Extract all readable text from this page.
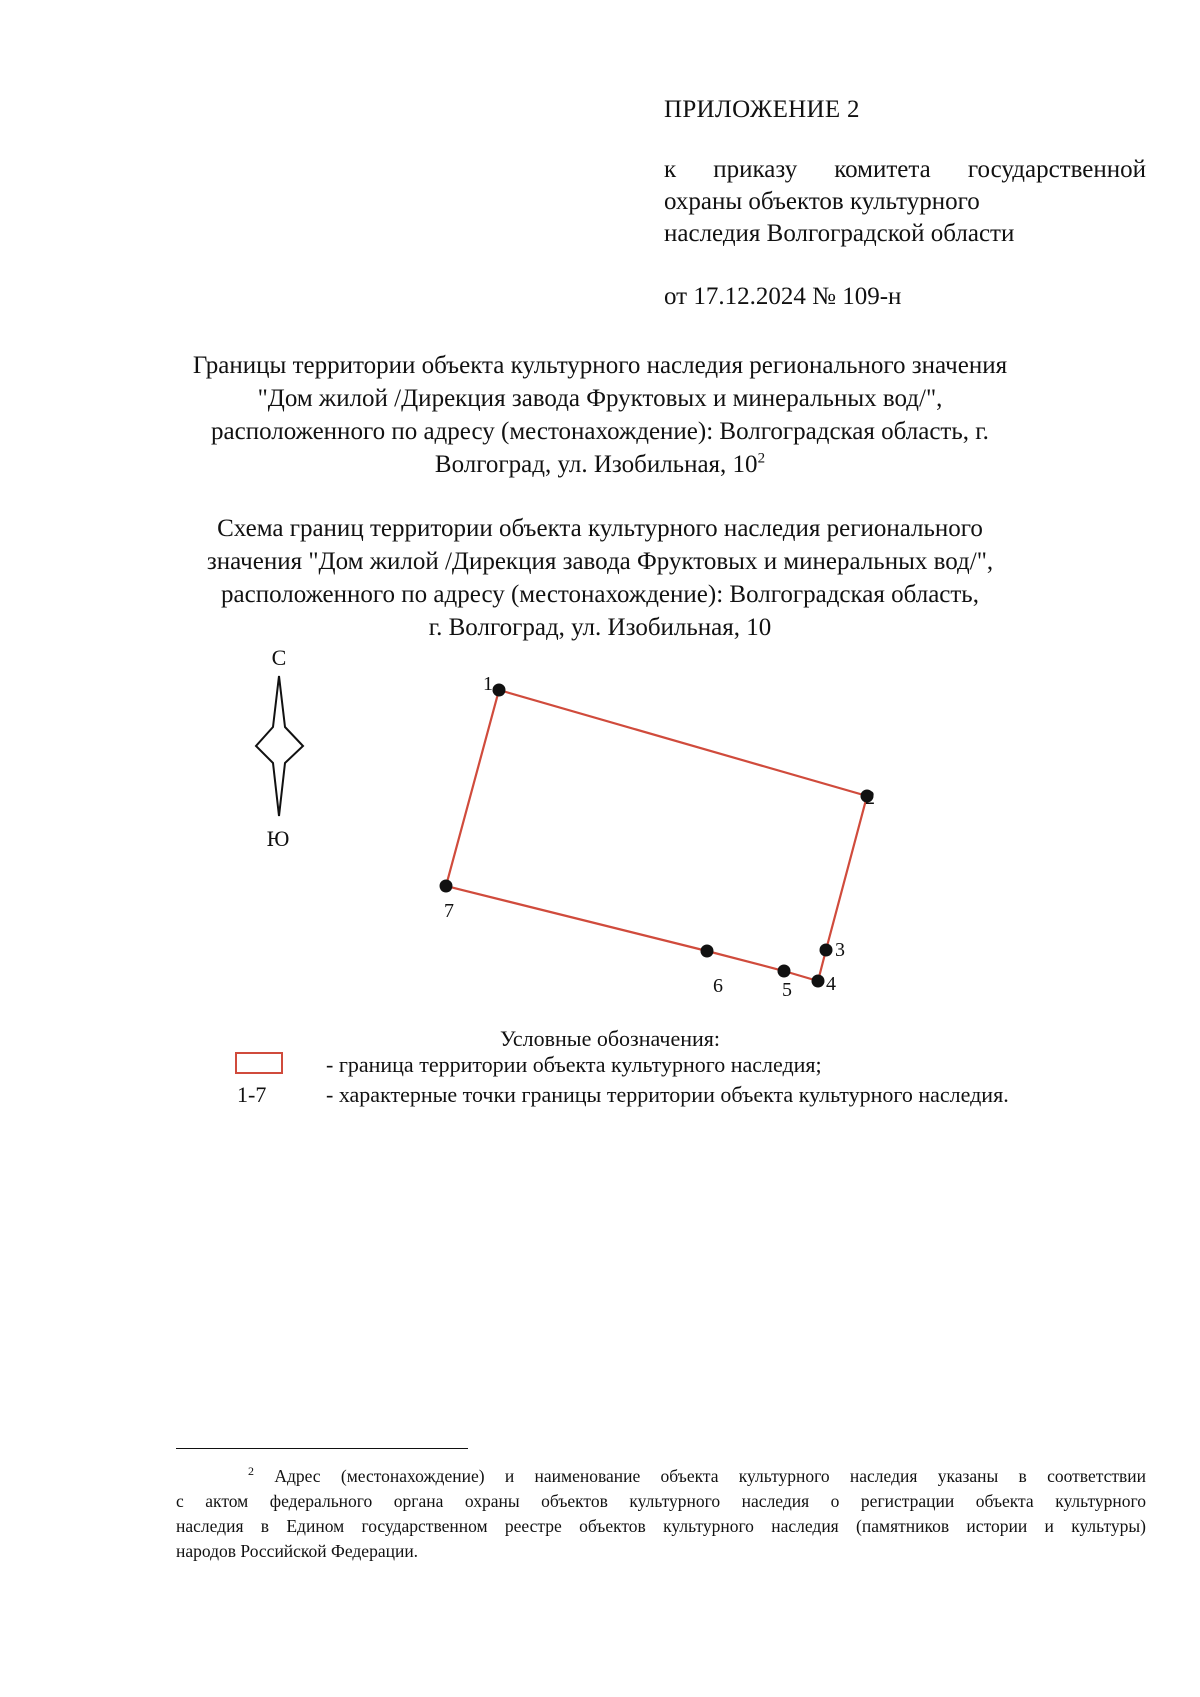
ПРИЛОЖЕНИЕ 2
к приказу комитета государственной
охраны объектов культурного
наследия Волгоградской области
от 17.12.2024 № 109-н
Границы территории объекта культурного наследия регионального значения
"Дом жилой /Дирекция завода Фруктовых и минеральных вод/",
расположенного по адресу (местонахождение): Волгоградская область, г.
Волгоград, ул. Изобильная, 10$^2$
Схема границ территории объекта культурного наследия регионального
значения "Дом жилой /Дирекция завода Фруктовых и минеральных вод/",
расположенного по адресу (местонахождение): Волгоградская область,
г. Волгоград, ул. Изобильная, 10
С
Ю
1
2
3
4
5
6
7
Условные обозначения:
1-7
- граница территории объекта культурного наследия;
- характерные точки границы территории объекта культурного наследия.
$^2$ Адрес (местонахождение) и наименование объекта культурного наследия указаны в соответствии
с актом федерального органа охраны объектов культурного наследия о регистрации объекта культурного
наследия в Едином государственном реестре объектов культурного наследия (памятников истории и культуры)
народов Российской Федерации.
